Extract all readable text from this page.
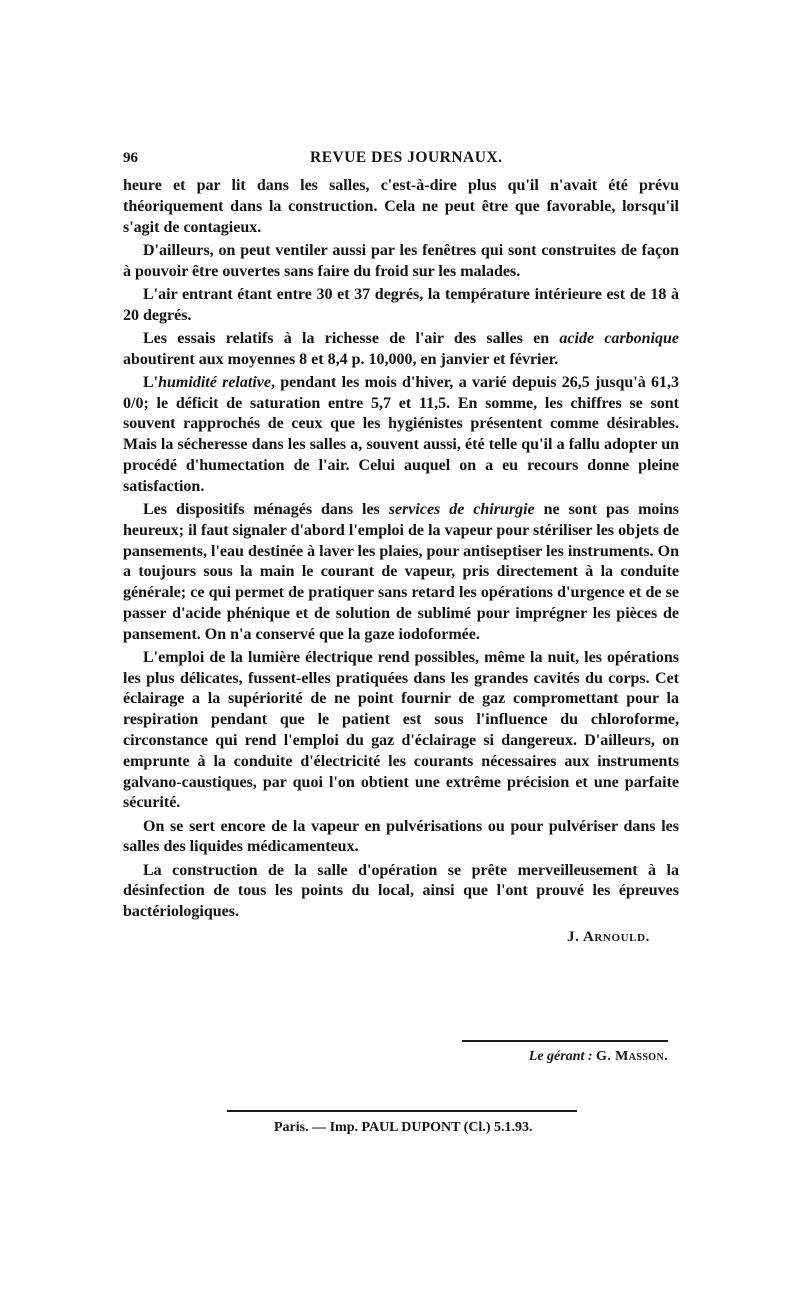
96	REVUE DES JOURNAUX.

heure et par lit dans les salles, c'est-à-dire plus qu'il n'avait été prévu théoriquement dans la construction. Cela ne peut être que favorable, lorsqu'il s'agit de contagieux.

D'ailleurs, on peut ventiler aussi par les fenêtres qui sont construites de façon à pouvoir être ouvertes sans faire du froid sur les malades.

L'air entrant étant entre 30 et 37 degrés, la température intérieure est de 18 à 20 degrés.

Les essais relatifs à la richesse de l'air des salles en acide carbonique aboutirent aux moyennes 8 et 8,4 p. 10,000, en janvier et février.

L'humidité relative, pendant les mois d'hiver, a varié depuis 26,5 jusqu'à 61,3 0/0; le déficit de saturation entre 5,7 et 11,5. En somme, les chiffres se sont souvent rapprochés de ceux que les hygiénistes présentent comme désirables. Mais la sécheresse dans les salles a, souvent aussi, été telle qu'il a fallu adopter un procédé d'humectation de l'air. Celui auquel on a eu recours donne pleine satisfaction.

Les dispositifs ménagés dans les services de chirurgie ne sont pas moins heureux; il faut signaler d'abord l'emploi de la vapeur pour stériliser les objets de pansements, l'eau destinée à laver les plaies, pour antiseptiser les instruments. On a toujours sous la main le courant de vapeur, pris directement à la conduite générale; ce qui permet de pratiquer sans retard les opérations d'urgence et de se passer d'acide phénique et de solution de sublimé pour imprégner les pièces de pansement. On n'a conservé que la gaze iodoformée.

L'emploi de la lumière électrique rend possibles, même la nuit, les opérations les plus délicates, fussent-elles pratiquées dans les grandes cavités du corps. Cet éclairage a la supériorité de ne point fournir de gaz compromettant pour la respiration pendant que le patient est sous l'influence du chloroforme, circonstance qui rend l'emploi du gaz d'éclairage si dangereux. D'ailleurs, on emprunte à la conduite d'électricité les courants nécessaires aux instruments galvano-caustiques, par quoi l'on obtient une extrême précision et une parfaite sécurité.

On se sert encore de la vapeur en pulvérisations ou pour pulvériser dans les salles des liquides médicamenteux.

La construction de la salle d'opération se prête merveilleusement à la désinfection de tous les points du local, ainsi que l'ont prouvé les épreuves bactériologiques.

J. Arnould.
Le gérant : G. Masson.
Paris. — Imp. PAUL DUPONT (Cl.) 5.1.93.
